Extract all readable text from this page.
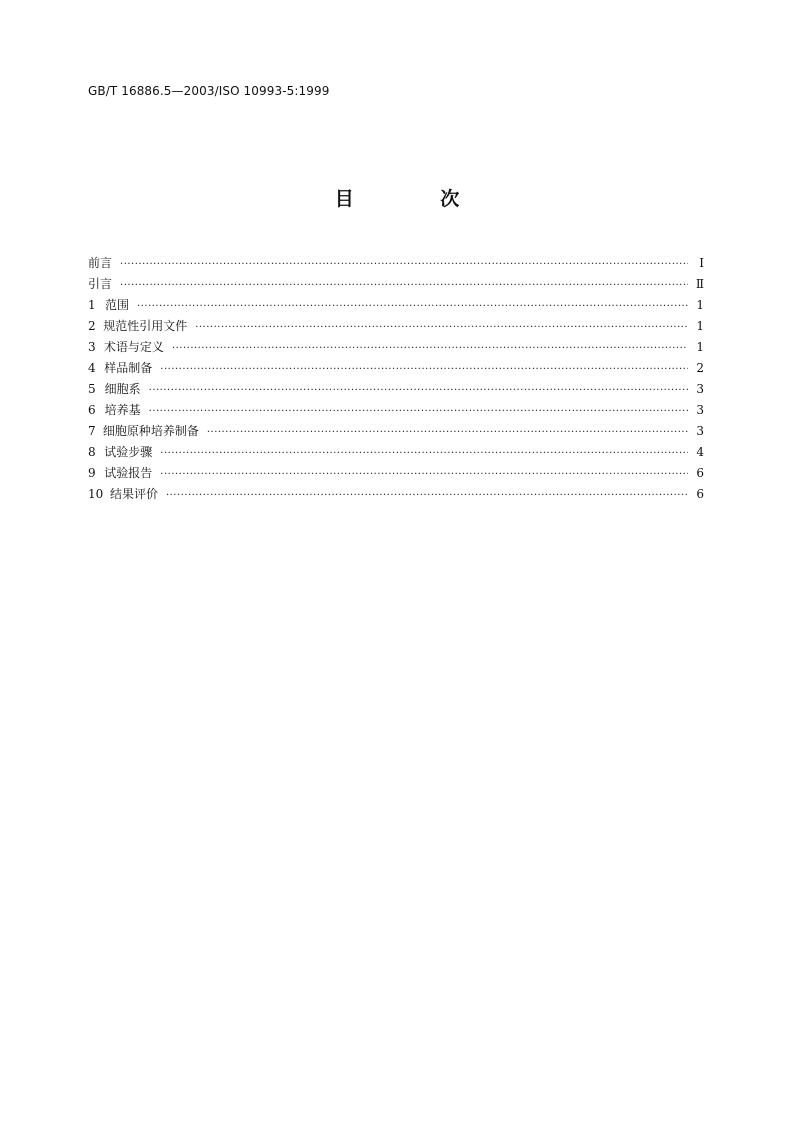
GB/T 16886.5—2003/ISO 10993-5:1999
目 次
前言 ·····	I
引言 ·····	Ⅱ
1 范围 ·····	1
2 规范性引用文件 ·····	1
3 术语与定义 ·····	1
4 样品制备 ·····	2
5 细胞系 ·····	3
6 培养基 ·····	3
7 细胞原种培养制备 ·····	3
8 试验步骤 ·····	4
9 试验报告 ·····	6
10 结果评价 ·····	6
